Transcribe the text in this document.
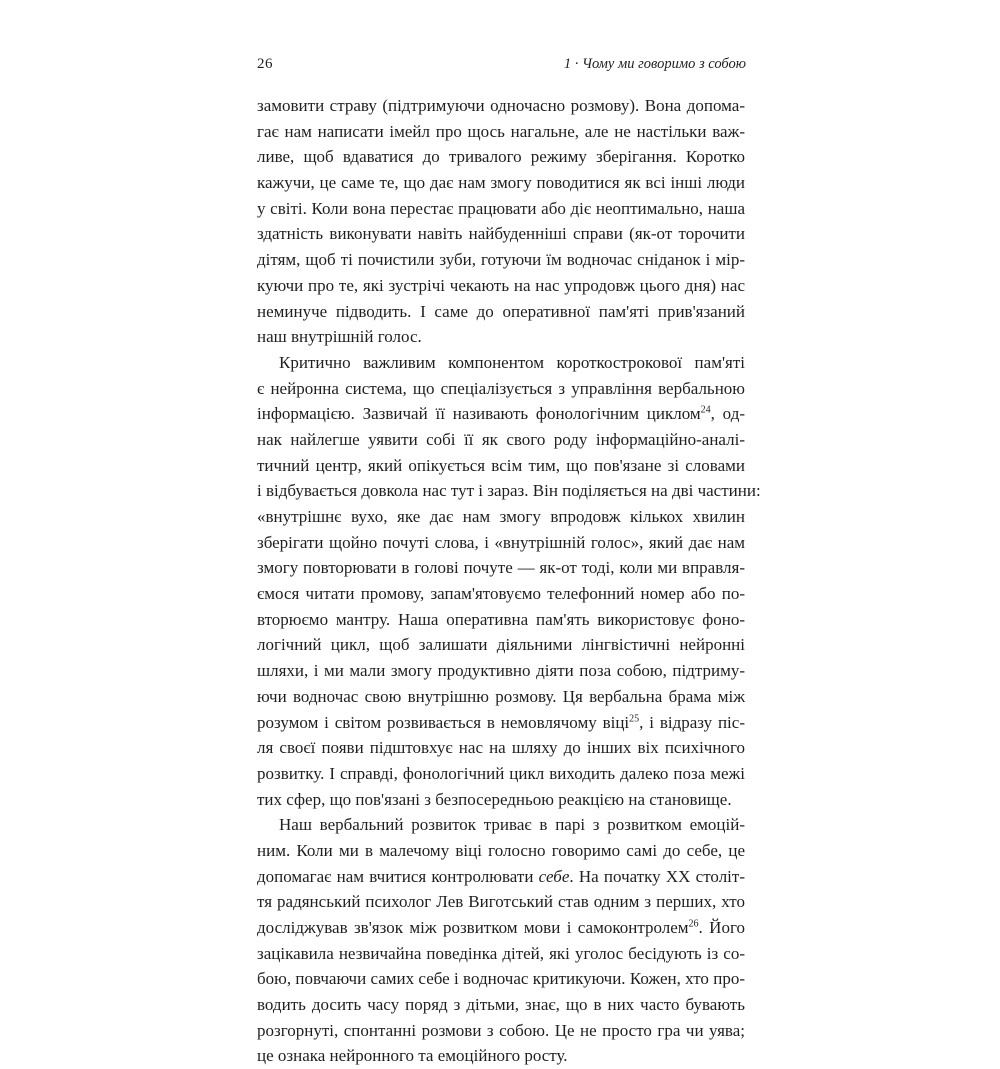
26	1 · Чому ми говоримо з собою
замовити страву (підтримуючи одночасно розмову). Вона допома-
гає нам написати імейл про щось нагальне, але не настільки важ-
ливе, щоб вдаватися до тривалого режиму зберігання. Коротко
кажучи, це саме те, що дає нам змогу поводитися як всі інші люди
у світі. Коли вона перестає працювати або діє неоптимально, наша
здатність виконувати навіть найбуденніші справи (як-от торочити
дітям, щоб ті почистили зуби, готуючи їм водночас сніданок і мір-
куючи про те, які зустрічі чекають на нас упродовж цього дня) нас
неминуче підводить. І саме до оперативної пам'яті прив'язаний
наш внутрішній голос.
Критично важливим компонентом короткострокової пам'яті
є нейронна система, що спеціалізується з управління вербальною
інформацією. Зазвичай її називають фонологічним циклом$^{24}$, од-
нак найлегше уявити собі її як свого роду інформаційно-аналі-
тичний центр, який опікується всім тим, що пов'язане зі словами
і відбувається довкола нас тут і зараз. Він поділяється на дві частини:
«внутрішнє вухо, яке дає нам змогу впродовж кількох хвилин
зберігати щойно почуті слова, і «внутрішній голос», який дає нам
змогу повторювати в голові почуте — як-от тоді, коли ми вправля-
ємося читати промову, запам'ятовуємо телефонний номер або по-
вторюємо мантру. Наша оперативна пам'ять використовує фоно-
логічний цикл, щоб залишати діяльними лінгвістичні нейронні
шляхи, і ми мали змогу продуктивно діяти поза собою, підтриму-
ючи водночас свою внутрішню розмову. Ця вербальна брама між
розумом і світом розвивається в немовлячому віці$^{25}$, і відразу піс-
ля своєї появи підштовхує нас на шляху до інших віх психічного
розвитку. І справді, фонологічний цикл виходить далеко поза межі
тих сфер, що пов'язані з безпосередньою реакцією на становище.
Наш вербальний розвиток триває в парі з розвитком емоцій-
ним. Коли ми в малечому віці голосно говоримо самі до себе, це
допомагає нам вчитися контролювати себе. На початку XX століт-
тя радянський психолог Лев Виготський став одним з перших, хто
досліджував зв'язок між розвитком мови і самоконтролем$^{26}$. Його
зацікавила незвичайна поведінка дітей, які уголос бесідують із со-
бою, повчаючи самих себе і водночас критикуючи. Кожен, хто про-
водить досить часу поряд з дітьми, знає, що в них часто бувають
розгорнуті, спонтанні розмови з собою. Це не просто гра чи уява;
це ознака нейронного та емоційного росту.
